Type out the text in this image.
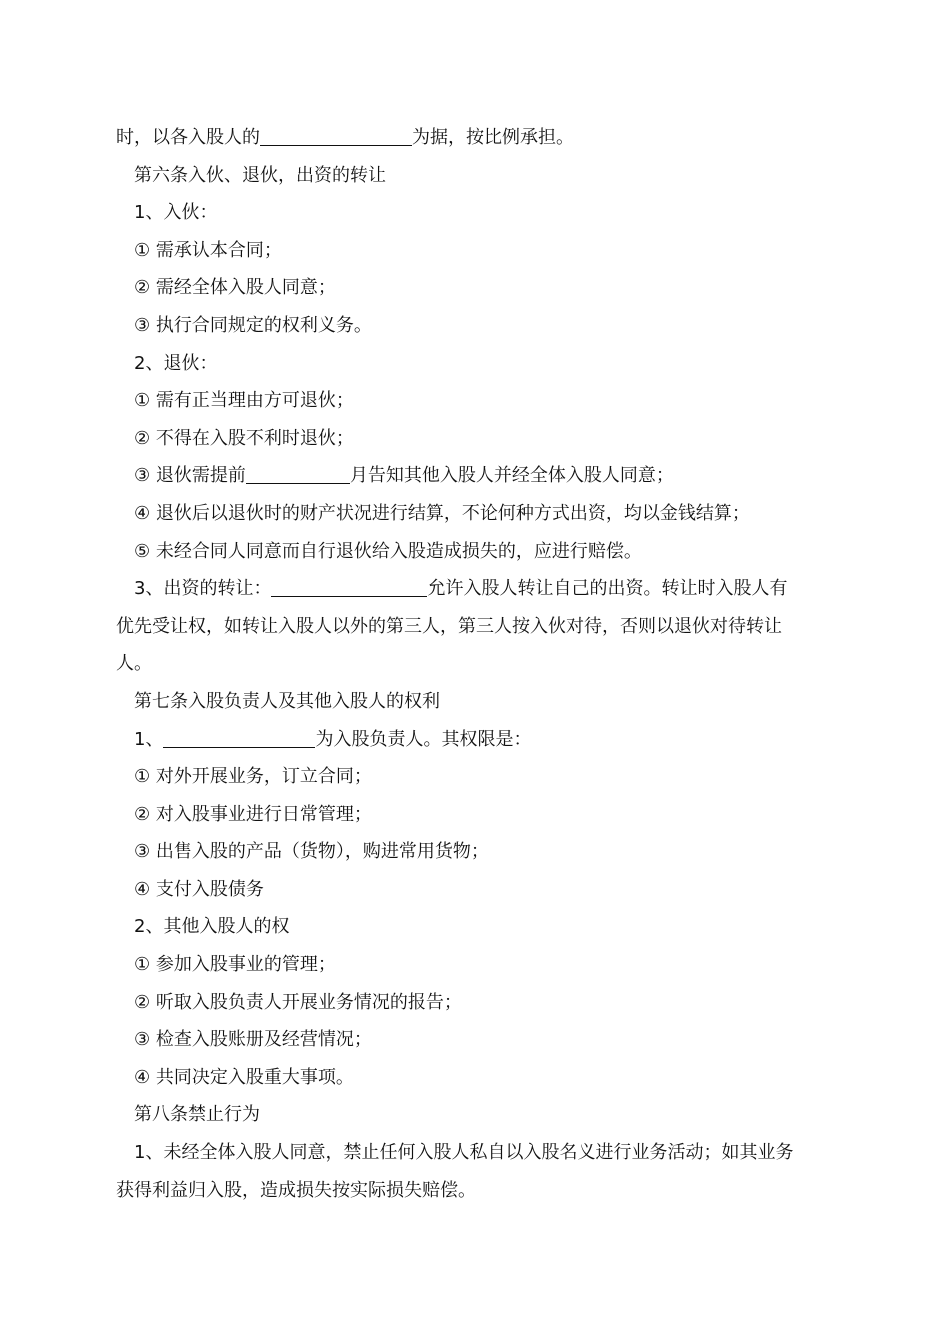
时，以各入股人的	为据，按比例承担。
第六条入伙、退伙，出资的转让
1、入伙：
① 需承认本合同；
② 需经全体入股人同意；
③ 执行合同规定的权利义务。
2、退伙：
① 需有正当理由方可退伙；
② 不得在入股不利时退伙；
③ 退伙需提前	月告知其他入股人并经全体入股人同意；
④ 退伙后以退伙时的财产状况进行结算，不论何种方式出资，均以金钱结算；
⑤ 未经合同人同意而自行退伙给入股造成损失的，应进行赔偿。
3、出资的转让：	允许入股人转让自己的出资。转让时入股人有
优先受让权，如转让入股人以外的第三人，第三人按入伙对待，否则以退伙对待转让
人。
第七条入股负责人及其他入股人的权利
1、	为入股负责人。其权限是：
① 对外开展业务，订立合同；
② 对入股事业进行日常管理；
③ 出售入股的产品（货物），购进常用货物；
④ 支付入股债务
2、其他入股人的权
① 参加入股事业的管理；
② 听取入股负责人开展业务情况的报告；
③ 检查入股账册及经营情况；
④ 共同决定入股重大事项。
第八条禁止行为
1、未经全体入股人同意，禁止任何入股人私自以入股名义进行业务活动；如其业务
获得利益归入股，造成损失按实际损失赔偿。
